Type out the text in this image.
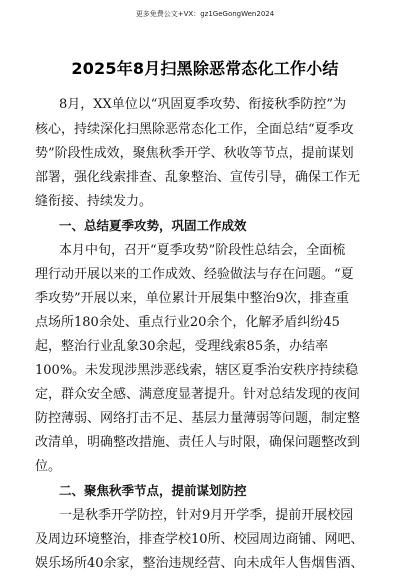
更多免费公文+VX：gz1GeGongWen2024
2025年8月扫黑除恶常态化工作小结
8月，XX单位以“巩固夏季攻势、衔接秋季防控”为
核心，持续深化扫黑除恶常态化工作，全面总结“夏季攻
势”阶段性成效，聚焦秋季开学、秋收等节点，提前谋划
部署，强化线索排查、乱象整治、宣传引导，确保工作无
缝衔接、持续发力。
一、总结夏季攻势，巩固工作成效
本月中旬，召开“夏季攻势”阶段性总结会，全面梳
理行动开展以来的工作成效、经验做法与存在问题。“夏
季攻势”开展以来，单位累计开展集中整治9次，排查重
点场所180余处、重点行业20余个，化解矛盾纠纷45
起，整治行业乱象30余起，受理线索85条，办结率
100%。未发现涉黑涉恶线索，辖区夏季治安秩序持续稳
定，群众安全感、满意度显著提升。针对总结发现的夜间
防控薄弱、网络打击不足、基层力量薄弱等问题，制定整
改清单，明确整改措施、责任人与时限，确保问题整改到
位。
二、聚焦秋季节点，提前谋划防控
一是秋季开学防控，针对9月开学季，提前开展校园
及周边环境整治，排查学校10所、校园周边商铺、网吧、
娱乐场所40余家，整治违规经营、向未成年人售烟售酒、
